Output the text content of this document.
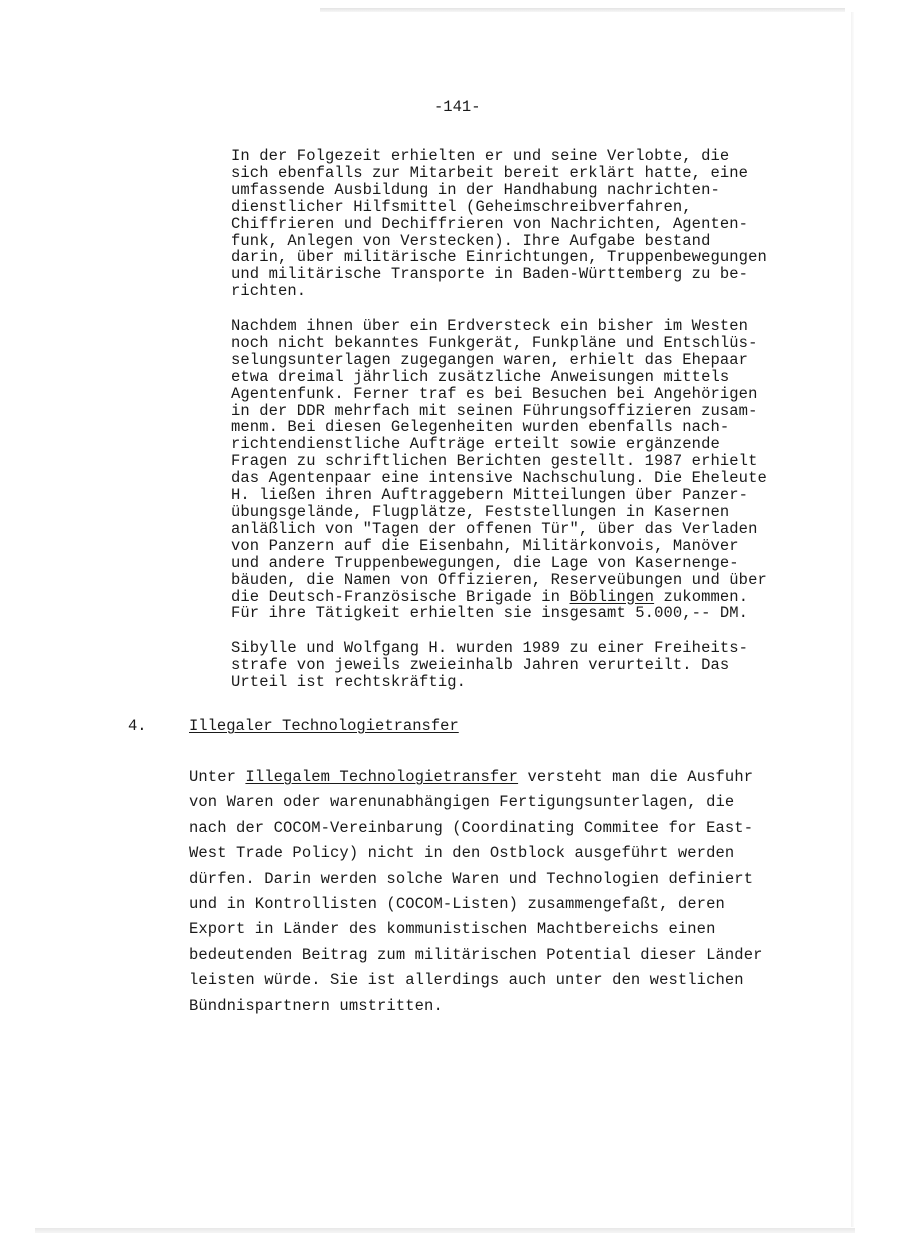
-141-

In der Folgezeit erhielten er und seine Verlobte, die
sich ebenfalls zur Mitarbeit bereit erklärt hatte, eine
umfassende Ausbildung in der Handhabung nachrichten-
dienstlicher Hilfsmittel (Geheimschreibverfahren,
Chiffrieren und Dechiffrieren von Nachrichten, Agenten-
funk, Anlegen von Verstecken). Ihre Aufgabe bestand
darin, über militärische Einrichtungen, Truppenbewegungen
und militärische Transporte in Baden-Württemberg zu be-
richten.
Nachdem ihnen über ein Erdversteck ein bisher im Westen
noch nicht bekanntes Funkgerät, Funkpläne und Entschlüs-
selungsunterlagen zugegangen waren, erhielt das Ehepaar
etwa dreimal jährlich zusätzliche Anweisungen mittels
Agentenfunk. Ferner traf es bei Besuchen bei Angehörigen
in der DDR mehrfach mit seinen Führungsoffizieren zusam-
menm. Bei diesen Gelegenheiten wurden ebenfalls nach-
richtendienstliche Aufträge erteilt sowie ergänzende
Fragen zu schriftlichen Berichten gestellt. 1987 erhielt
das Agentenpaar eine intensive Nachschulung. Die Eheleute
H. ließen ihren Auftraggebern Mitteilungen über Panzer-
übungsgelände, Flugplätze, Feststellungen in Kasernen
anläßlich von "Tagen der offenen Tür", über das Verladen
von Panzern auf die Eisenbahn, Militärkonvois, Manöver
und andere Truppenbewegungen, die Lage von Kasernenge-
bäuden, die Namen von Offizieren, Reserveübungen und über
die Deutsch-Französische Brigade in Böblingen zukommen.
Für ihre Tätigkeit erhielten sie insgesamt 5.000,-- DM.
Sibylle und Wolfgang H. wurden 1989 zu einer Freiheits-
strafe von jeweils zweieinhalb Jahren verurteilt. Das
Urteil ist rechtskräftig.

4.	Illegaler Technologietransfer
Unter Illegalem Technologietransfer versteht man die Ausfuhr
von Waren oder warenunabhängigen Fertigungsunterlagen, die
nach der COCOM-Vereinbarung (Coordinating Commitee for East-
West Trade Policy) nicht in den Ostblock ausgeführt werden
dürfen. Darin werden solche Waren und Technologien definiert
und in Kontrollisten (COCOM-Listen) zusammengefaßt, deren
Export in Länder des kommunistischen Machtbereichs einen
bedeutenden Beitrag zum militärischen Potential dieser Länder
leisten würde. Sie ist allerdings auch unter den westlichen
Bündnispartnern umstritten.
